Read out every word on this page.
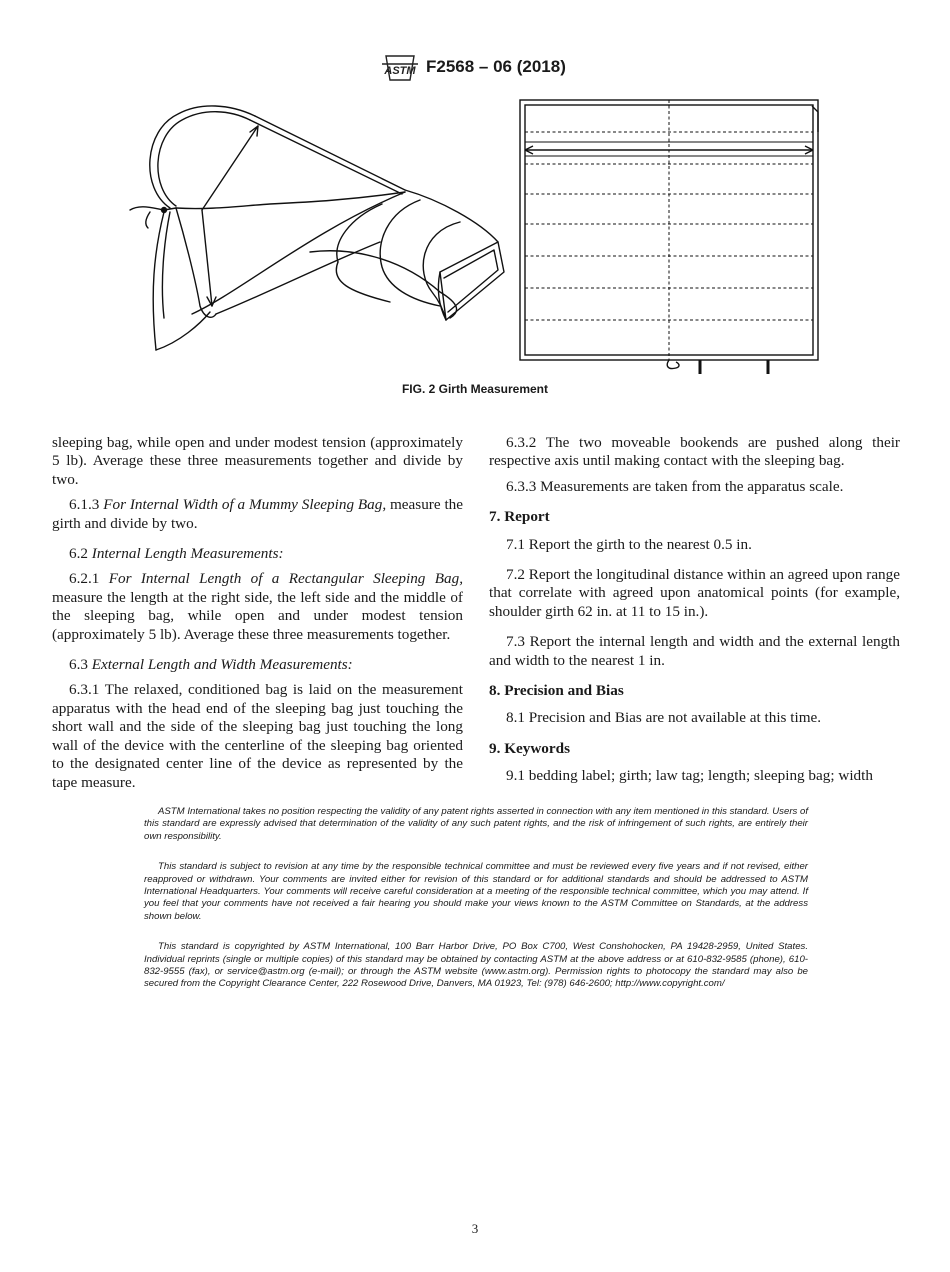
ASTM F2568 – 06 (2018)
FIG. 2 Girth Measurement

sleeping bag, while open and under modest tension (approximately 5 lb). Average these three measurements together and divide by two.

6.1.3 For Internal Width of a Mummy Sleeping Bag, measure the girth and divide by two.

6.2 Internal Length Measurements:

6.2.1 For Internal Length of a Rectangular Sleeping Bag, measure the length at the right side, the left side and the middle of the sleeping bag, while open and under modest tension (approximately 5 lb). Average these three measurements together.

6.3 External Length and Width Measurements:

6.3.1 The relaxed, conditioned bag is laid on the measurement apparatus with the head end of the sleeping bag just touching the short wall and the side of the sleeping bag just touching the long wall of the device with the centerline of the sleeping bag oriented to the designated center line of the device as represented by the tape measure.

6.3.2 The two moveable bookends are pushed along their respective axis until making contact with the sleeping bag.

6.3.3 Measurements are taken from the apparatus scale.

7. Report

7.1 Report the girth to the nearest 0.5 in.

7.2 Report the longitudinal distance within an agreed upon range that correlate with agreed upon anatomical points (for example, shoulder girth 62 in. at 11 to 15 in.).

7.3 Report the internal length and width and the external length and width to the nearest 1 in.

8. Precision and Bias

8.1 Precision and Bias are not available at this time.

9. Keywords

9.1 bedding label; girth; law tag; length; sleeping bag; width

ASTM International takes no position respecting the validity of any patent rights asserted in connection with any item mentioned in this standard. Users of this standard are expressly advised that determination of the validity of any such patent rights, and the risk of infringement of such rights, are entirely their own responsibility.

This standard is subject to revision at any time by the responsible technical committee and must be reviewed every five years and if not revised, either reapproved or withdrawn. Your comments are invited either for revision of this standard or for additional standards and should be addressed to ASTM International Headquarters. Your comments will receive careful consideration at a meeting of the responsible technical committee, which you may attend. If you feel that your comments have not received a fair hearing you should make your views known to the ASTM Committee on Standards, at the address shown below.

This standard is copyrighted by ASTM International, 100 Barr Harbor Drive, PO Box C700, West Conshohocken, PA 19428-2959, United States. Individual reprints (single or multiple copies) of this standard may be obtained by contacting ASTM at the above address or at 610-832-9585 (phone), 610-832-9555 (fax), or service@astm.org (e-mail); or through the ASTM website (www.astm.org). Permission rights to photocopy the standard may also be secured from the Copyright Clearance Center, 222 Rosewood Drive, Danvers, MA 01923, Tel: (978) 646-2600; http://www.copyright.com/

3
